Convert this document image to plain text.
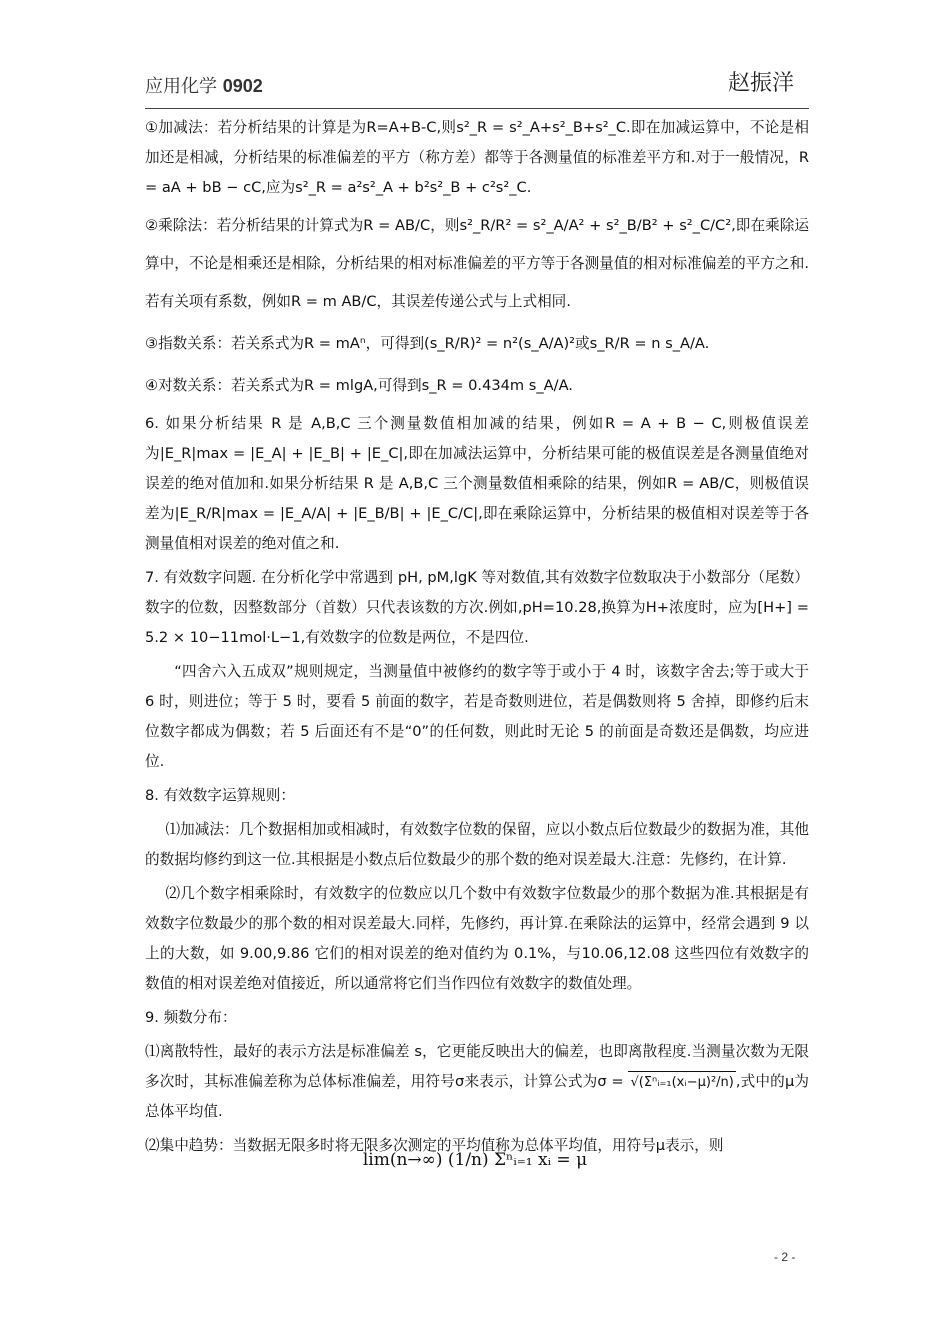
应用化学 0902	赵振洋

①加减法：若分析结果的计算是为R=A+B-C,则s²_R = s²_A+s²_B+s²_C.即在加减运算中，不论是相加还是相减，分析结果的标准偏差的平方（称方差）都等于各测量值的标准差平方和.对于一般情况，R = aA + bB − cC,应为s²_R = a²s²_A + b²s²_B + c²s²_C.

②乘除法：若分析结果的计算式为R = AB/C，则s²_R/R² = s²_A/A² + s²_B/B² + s²_C/C²,即在乘除运算中，不论是相乘还是相除，分析结果的相对标准偏差的平方等于各测量值的相对标准偏差的平方之和.若有关项有系数，例如R = m AB/C，其误差传递公式与上式相同.

③指数关系：若关系式为R = mAⁿ，可得到(s_R/R)² = n²(s_A/A)²或s_R/R = n s_A/A.

④对数关系：若关系式为R = mlgA,可得到s_R = 0.434m s_A/A.

6. 如果分析结果 R 是 A,B,C 三个测量数值相加减的结果，例如R = A + B − C,则极值误差为|E_R|max = |E_A| + |E_B| + |E_C|,即在加减法运算中，分析结果可能的极值误差是各测量值绝对误差的绝对值加和.如果分析结果 R 是 A,B,C 三个测量数值相乘除的结果，例如R = AB/C，则极值误差为|E_R/R|max = |E_A/A| + |E_B/B| + |E_C/C|,即在乘除运算中，分析结果的极值相对误差等于各测量值相对误差的绝对值之和.

7. 有效数字问题. 在分析化学中常遇到 pH, pM,lgK 等对数值,其有效数字位数取决于小数部分（尾数）数字的位数，因整数部分（首数）只代表该数的方次.例如,pH=10.28,换算为H+浓度时，应为[H+] = 5.2 × 10−11mol·L−1,有效数字的位数是两位，不是四位.

“四舍六入五成双”规则规定，当测量值中被修约的数字等于或小于 4 时，该数字舍去;等于或大于 6 时，则进位；等于 5 时，要看 5 前面的数字，若是奇数则进位，若是偶数则将 5 舍掉，即修约后末位数字都成为偶数；若 5 后面还有不是“0”的任何数，则此时无论 5 的前面是奇数还是偶数，均应进位.

8. 有效数字运算规则：

⑴加减法：几个数据相加或相减时，有效数字位数的保留，应以小数点后位数最少的数据为准，其他的数据均修约到这一位.其根据是小数点后位数最少的那个数的绝对误差最大.注意：先修约，在计算.

⑵几个数字相乘除时，有效数字的位数应以几个数中有效数字位数最少的那个数据为准.其根据是有效数字位数最少的那个数的相对误差最大.同样，先修约，再计算.在乘除法的运算中，经常会遇到 9 以上的大数，如 9.00,9.86 它们的相对误差的绝对值约为 0.1%，与10.06,12.08 这些四位有效数字的数值的相对误差绝对值接近，所以通常将它们当作四位有效数字的数值处理。

9. 频数分布：

⑴离散特性，最好的表示方法是标准偏差 s，它更能反映出大的偏差，也即离散程度.当测量次数为无限多次时，其标准偏差称为总体标准偏差，用符号σ来表示，计算公式为σ = √(Σⁿᵢ₌₁(xᵢ−μ)²/n) ,式中的μ为总体平均值.

⑵集中趋势：当数据无限多时将无限多次测定的平均值称为总体平均值，用符号μ表示，则

lim(n→∞) (1/n) Σⁿᵢ₌₁ xᵢ = μ
- 2 -
